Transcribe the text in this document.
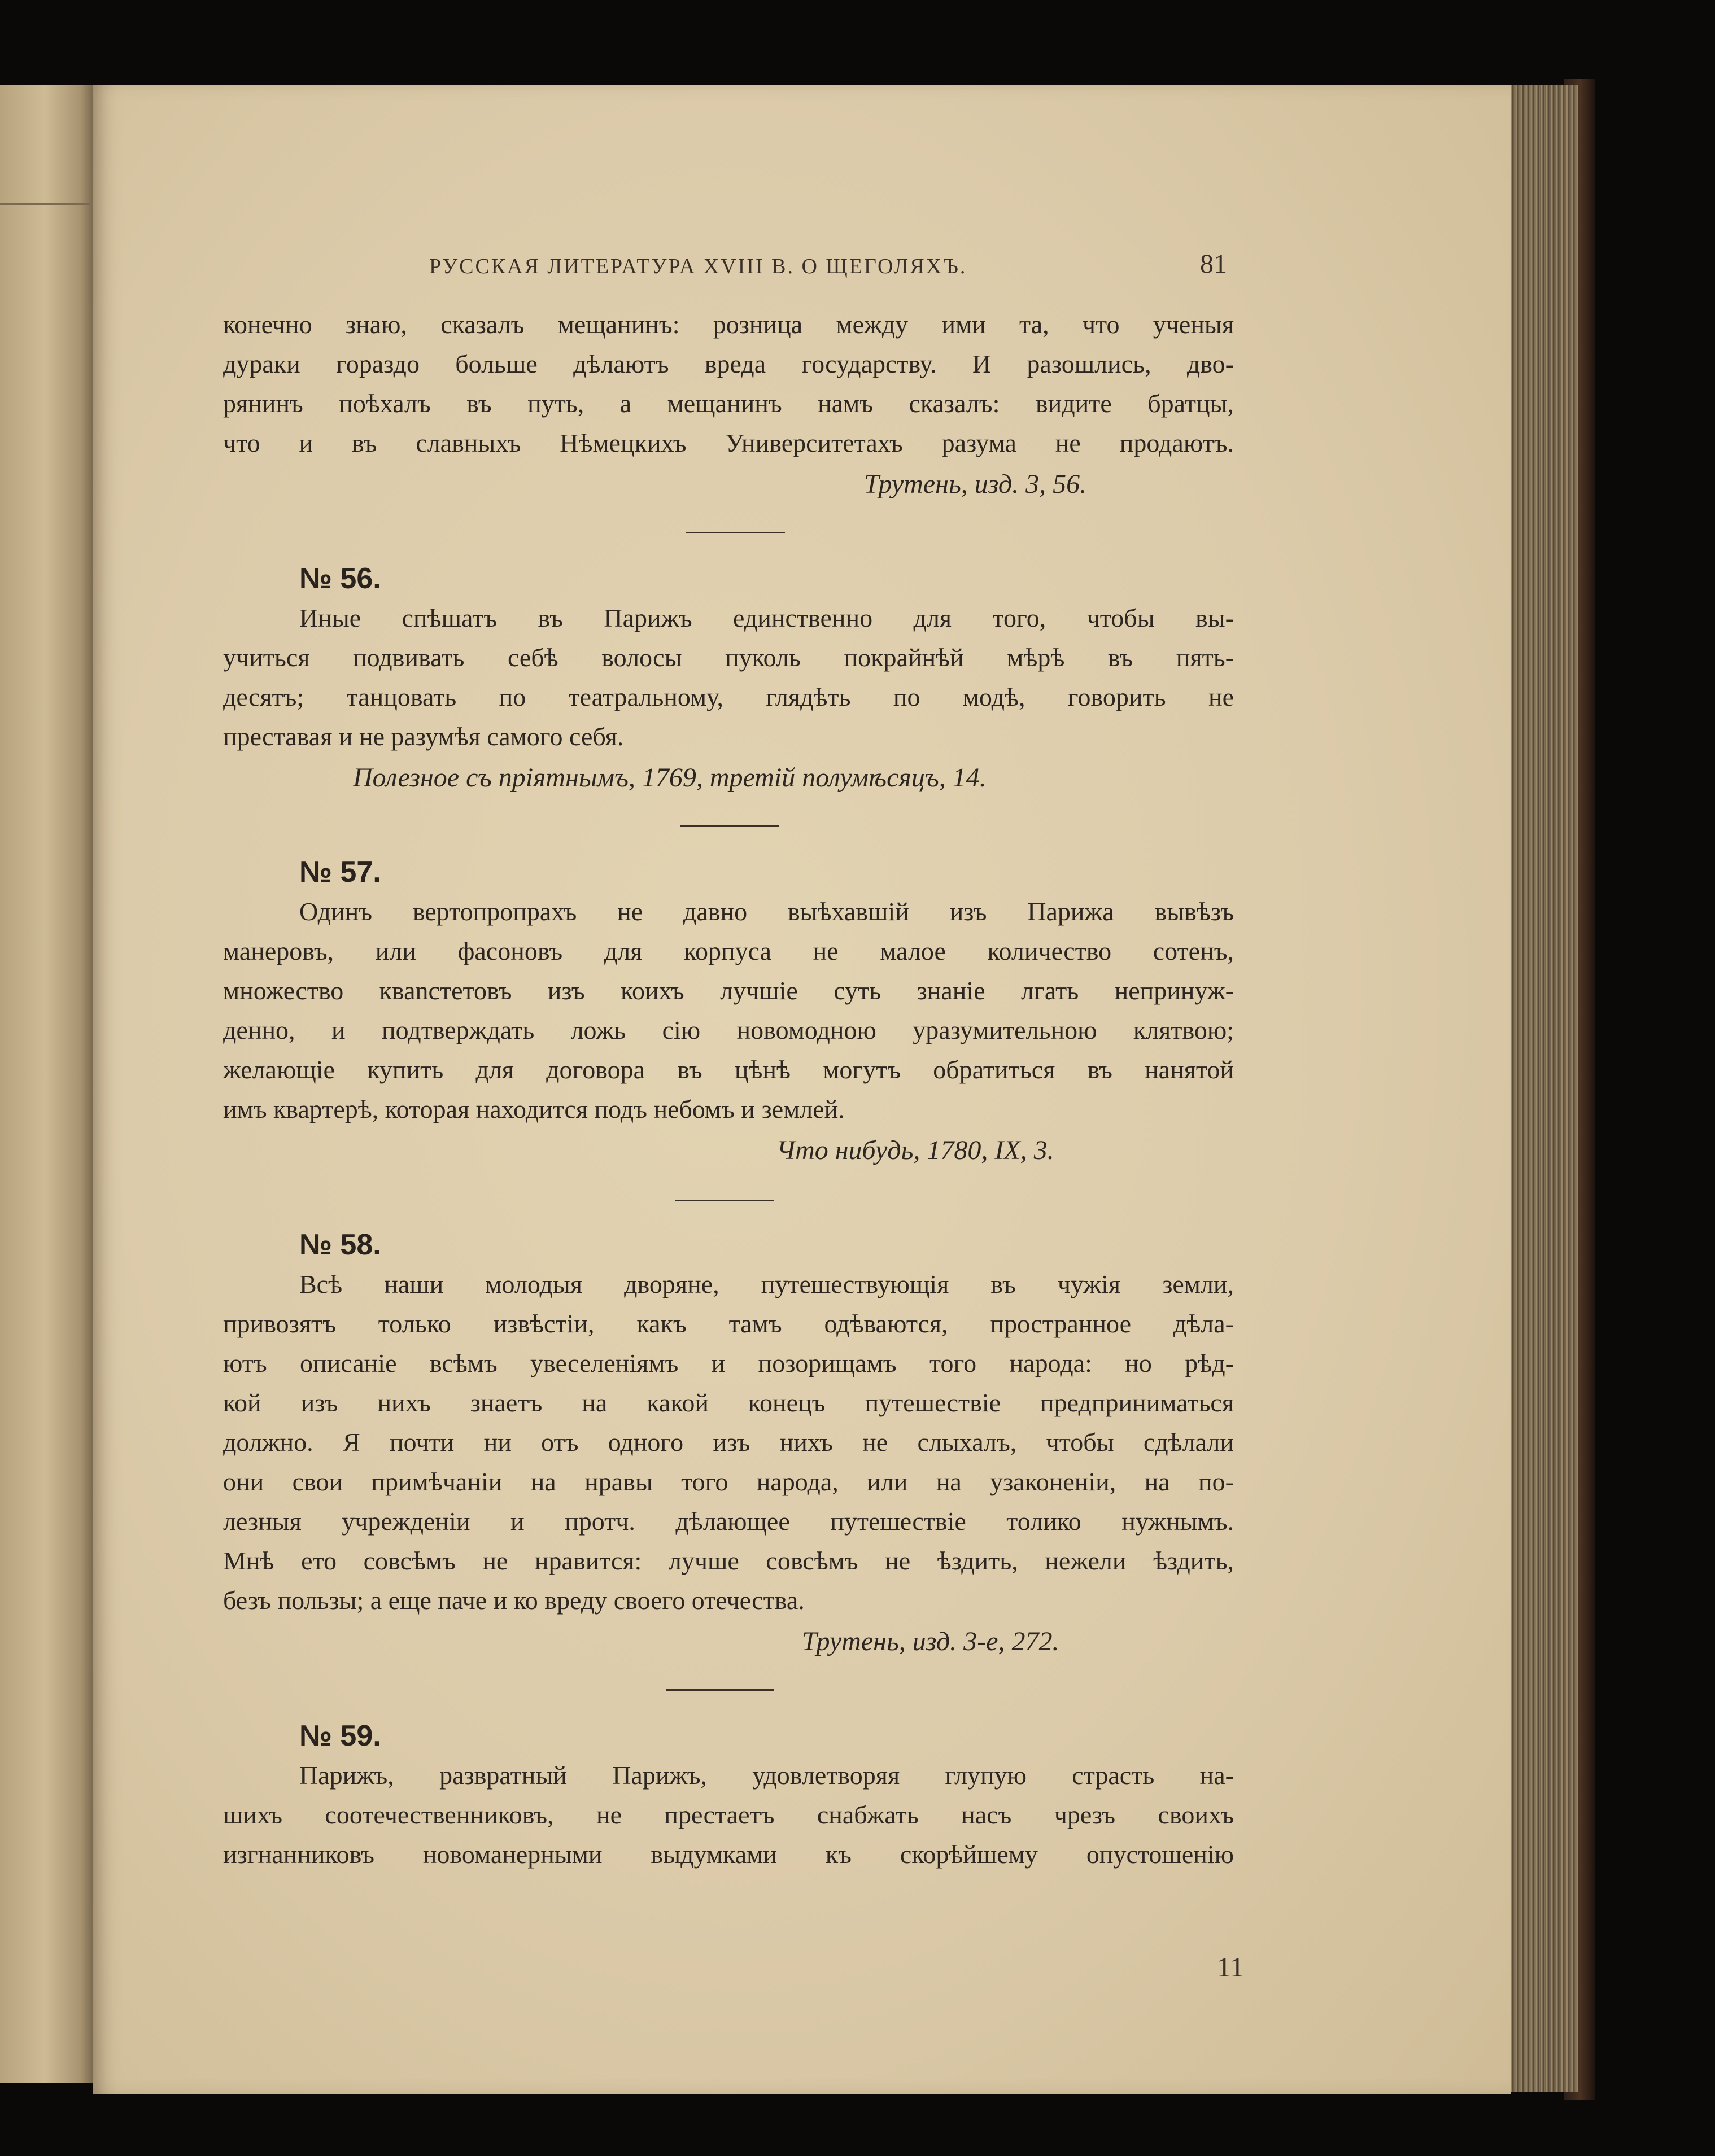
РУССКАЯ ЛИТЕРАТУРА XVIII В. О ЩЕГОЛЯХЪ.	81
конечно знаю, сказалъ мещанинъ: розница между ими та, что ученыя
дураки гораздо больше дѣлаютъ вреда государству. И разошлись, дво-
рянинъ поѣхалъ въ путь, а мещанинъ намъ сказалъ: видите братцы,
что и въ славныхъ Нѣмецкихъ Университетахъ разума не продаютъ.
Трутень, изд. 3, 56.
№ 56.
Иные спѣшатъ въ Парижъ единственно для того, чтобы вы-
учиться подвивать себѣ волосы пуколь покрайнѣй мѣрѣ въ пять-
десятъ; танцовать по театральному, глядѣть по модѣ, говорить не
преставая и не разумѣя самого себя.
Полезное съ пріятнымъ, 1769, третій полумѣсяцъ, 14.
№ 57.
Одинъ вертопропрахъ не давно выѣхавшій изъ Парижа вывѣзъ
манеровъ, или фасоновъ для корпуса не малое количество сотенъ,
множество кваnстетовъ изъ коихъ лучшіе суть знаніе лгать непринуж-
денно, и подтверждать ложь сію новомодною уразумительною клятвою;
желающіе купить для договора въ цѣнѣ могутъ обратиться въ нанятой
имъ квартерѣ, которая находится подъ небомъ и землей.
Что нибудь, 1780, IX, 3.
№ 58.
Всѣ наши молодыя дворяне, путешествующія въ чужія земли,
привозятъ только извѣстіи, какъ тамъ одѣваются, пространное дѣла-
ютъ описаніе всѣмъ увеселеніямъ и позорищамъ того народа: но рѣд-
кой изъ нихъ знаетъ на какой конецъ путешествіе предприниматься
должно. Я почти ни отъ одного изъ нихъ не слыхалъ, чтобы сдѣлали
они свои примѣчаніи на нравы того народа, или на узаконеніи, на по-
лезныя учрежденіи и протч. дѣлающее путешествіе толико нужнымъ.
Мнѣ ето совсѣмъ не нравится: лучше совсѣмъ не ѣздить, нежели ѣздить,
безъ пользы; а еще паче и ко вреду своего отечества.
Трутень, изд. 3-е, 272.
№ 59.
Парижъ, развратный Парижъ, удовлетворяя глупую страсть на-
шихъ соотечественниковъ, не престаетъ снабжать насъ чрезъ своихъ
изгнанниковъ новоманерными выдумками къ скорѣйшему опустошенію
11
